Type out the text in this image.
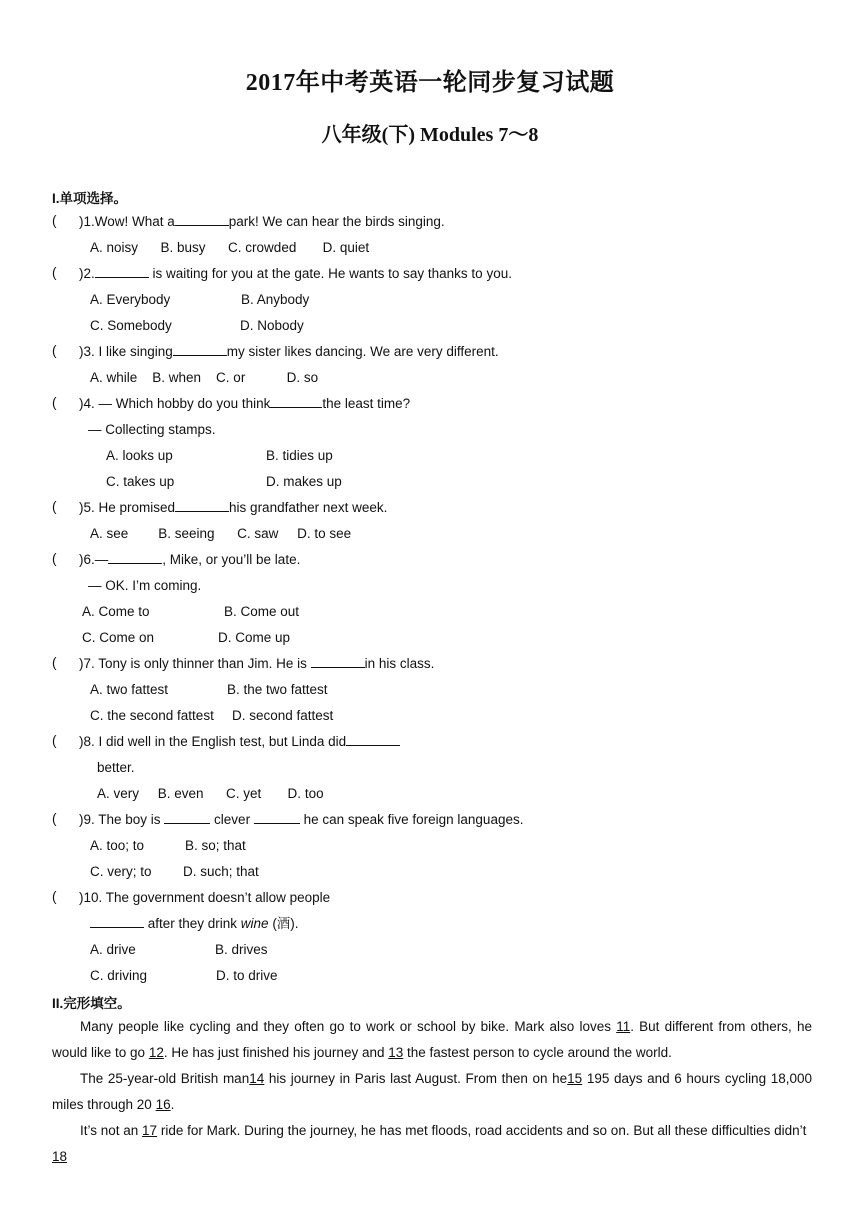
2017年中考英语一轮同步复习试题
八年级(下) Modules 7～8
I.单项选择。
( )1.Wow! What a	park! We can hear the birds singing.
A. noisy      B. busy      C. crowded       D. quiet
( )2.	is waiting for you at the gate. He wants to say thanks to you.
A. Everybody	B. Anybody
C. Somebody	D. Nobody
( )3. I like singing	my sister likes dancing. We are very different.
A. while    B. when    C. or           D. so
( )4. — Which hobby do you think	the least time?
— Collecting stamps.
A. looks up	B. tidies up
C. takes up	D. makes up
( )5. He promised	his grandfather next week.
A. see        B. seeing      C. saw     D. to see
( )6.—	, Mike, or you’ll be late.
— OK. I’m coming.
A. Come to	B. Come out
C. Come on	D. Come up
( )7. Tony is only thinner than Jim. He is	in his class.
A. two fattest	B. the two fattest
C. the second fattest D. second fattest
( )8. I did well in the English test, but Linda did
better.
A. very     B. even      C. yet       D. too
( )9. The boy is	clever	he can speak five foreign languages.
A. too; to	B. so; that
C. very; to D. such; that
( )10. The government doesn’t allow people
after they drink wine (酒).
A. drive	B. drives
C. driving	D. to drive
II.完形填空。
Many people like cycling and they often go to work or school by bike. Mark also loves 11. But different from others, he would like to go 12. He has just finished his journey and 13 the fastest person to cycle around the world.
The 25-year-old British man14 his journey in Paris last August. From then on he15 195 days and 6 hours cycling 18,000 miles through 20 16.
It’s not an 17 ride for Mark. During the journey, he has met floods, road accidents and so on. But all these difficulties didn’t 18
